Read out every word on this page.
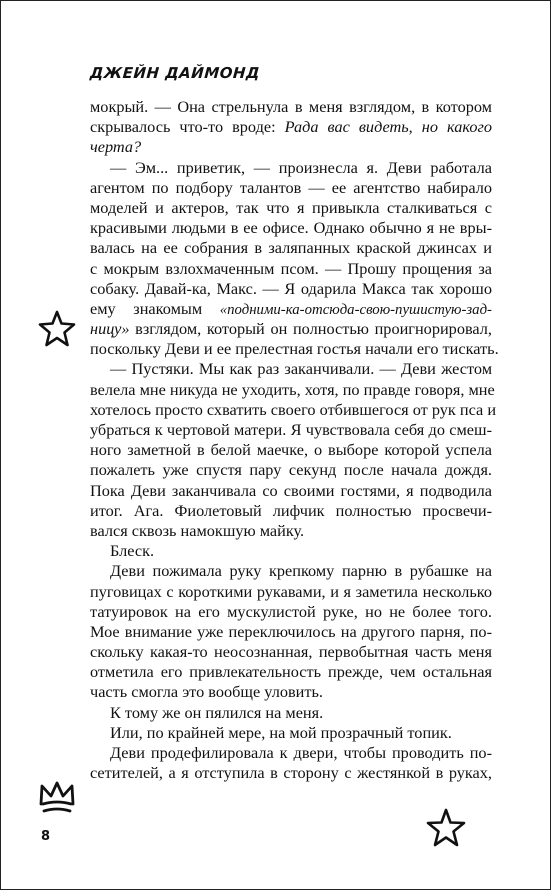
ДЖЕЙН ДАЙМОНД
мокрый. — Она стрельнула в меня взглядом, в котором
скрывалось что-то вроде: Рада вас видеть, но какого
черта?
— Эм... приветик, — произнесла я. Деви работала
агентом по подбору талантов — ее агентство набирало
моделей и актеров, так что я привыкла сталкиваться с
красивыми людьми в ее офисе. Однако обычно я не вры-
валась на ее собрания в заляпанных краской джинсах и
с мокрым взлохмаченным псом. — Прошу прощения за
собаку. Давай-ка, Макс. — Я одарила Макса так хорошо
ему знакомым «подними-ка-отсюда-свою-пушистую-зад-
ницу» взглядом, который он полностью проигнорировал,
поскольку Деви и ее прелестная гостья начали его тискать.
— Пустяки. Мы как раз заканчивали. — Деви жестом
велела мне никуда не уходить, хотя, по правде говоря, мне
хотелось просто схватить своего отбившегося от рук пса и
убраться к чертовой матери. Я чувствовала себя до смеш-
ного заметной в белой маечке, о выборе которой успела
пожалеть уже спустя пару секунд после начала дождя.
Пока Деви заканчивала со своими гостями, я подводила
итог. Ага. Фиолетовый лифчик полностью просвечи-
вался сквозь намокшую майку.
Блеск.
Деви пожимала руку крепкому парню в рубашке на
пуговицах с короткими рукавами, и я заметила несколько
татуировок на его мускулистой руке, но не более того.
Мое внимание уже переключилось на другого парня, по-
скольку какая-то неосознанная, первобытная часть меня
отметила его привлекательность прежде, чем остальная
часть смогла это вообще уловить.
К тому же он пялился на меня.
Или, по крайней мере, на мой прозрачный топик.
Деви продефилировала к двери, чтобы проводить по-
сетителей, а я отступила в сторону с жестянкой в руках,
8
